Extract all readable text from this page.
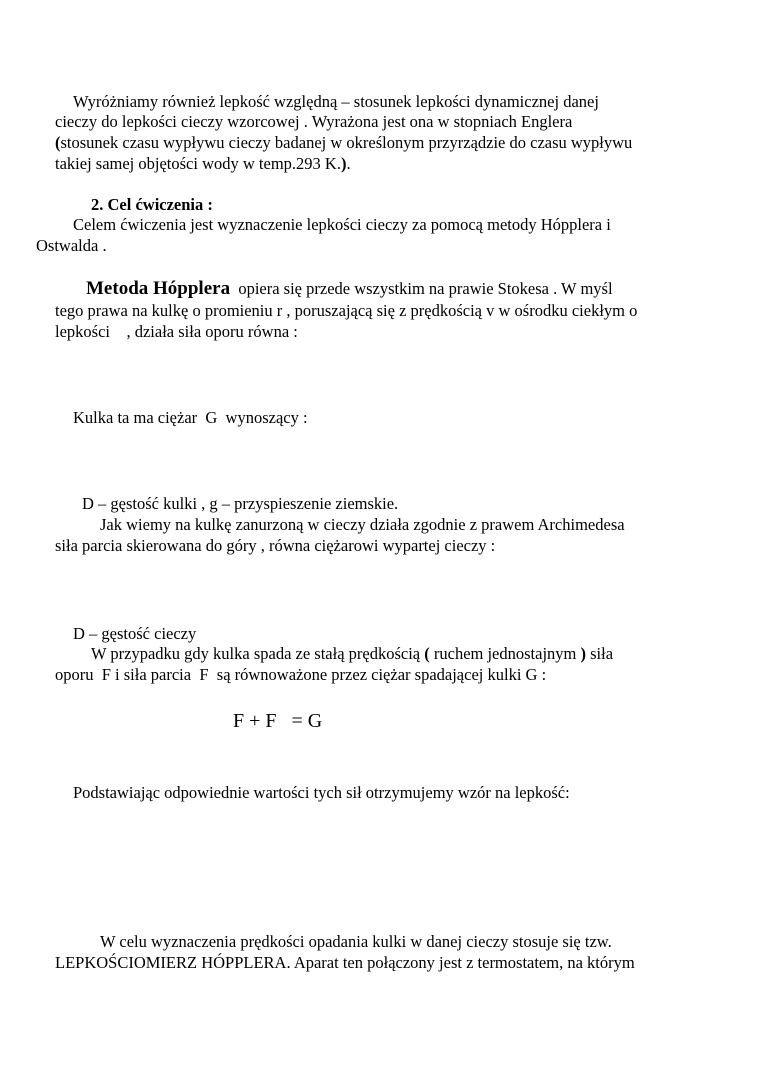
Wyróżniamy również lepkość względną – stosunek lepkości dynamicznej danej
cieczy do lepkości cieczy wzorcowej . Wyrażona jest ona w stopniach Englera
(stosunek czasu wypływu cieczy badanej w określonym przyrządzie do czasu wypływu
takiej samej objętości wody w temp.293 K.).
2. Cel ćwiczenia :
Celem ćwiczenia jest wyznaczenie lepkości cieczy za pomocą metody Hópplera i
Ostwalda .
Metoda Hópplera opiera się przede wszystkim na prawie Stokesa . W myśl
tego prawa na kulkę o promieniu r , poruszającą się z prędkością v w ośrodku ciekłym o
lepkości    , działa siła oporu równa :
Kulka ta ma ciężar  G  wynoszący :
D – gęstość kulki , g – przyspieszenie ziemskie.
Jak wiemy na kulkę zanurzoną w cieczy działa zgodnie z prawem Archimedesa
siła parcia skierowana do góry , równa ciężarowi wypartej cieczy :
D – gęstość cieczy
W przypadku gdy kulka spada ze stałą prędkością ( ruchem jednostajnym ) siła
oporu  F i siła parcia  F  są równoważone przez ciężar spadającej kulki G :
F + F   = G
Podstawiając odpowiednie wartości tych sił otrzymujemy wzór na lepkość:
W celu wyznaczenia prędkości opadania kulki w danej cieczy stosuje się tzw.
LEPKOŚCIOMIERZ HÓPPLERA. Aparat ten połączony jest z termostatem, na którym
